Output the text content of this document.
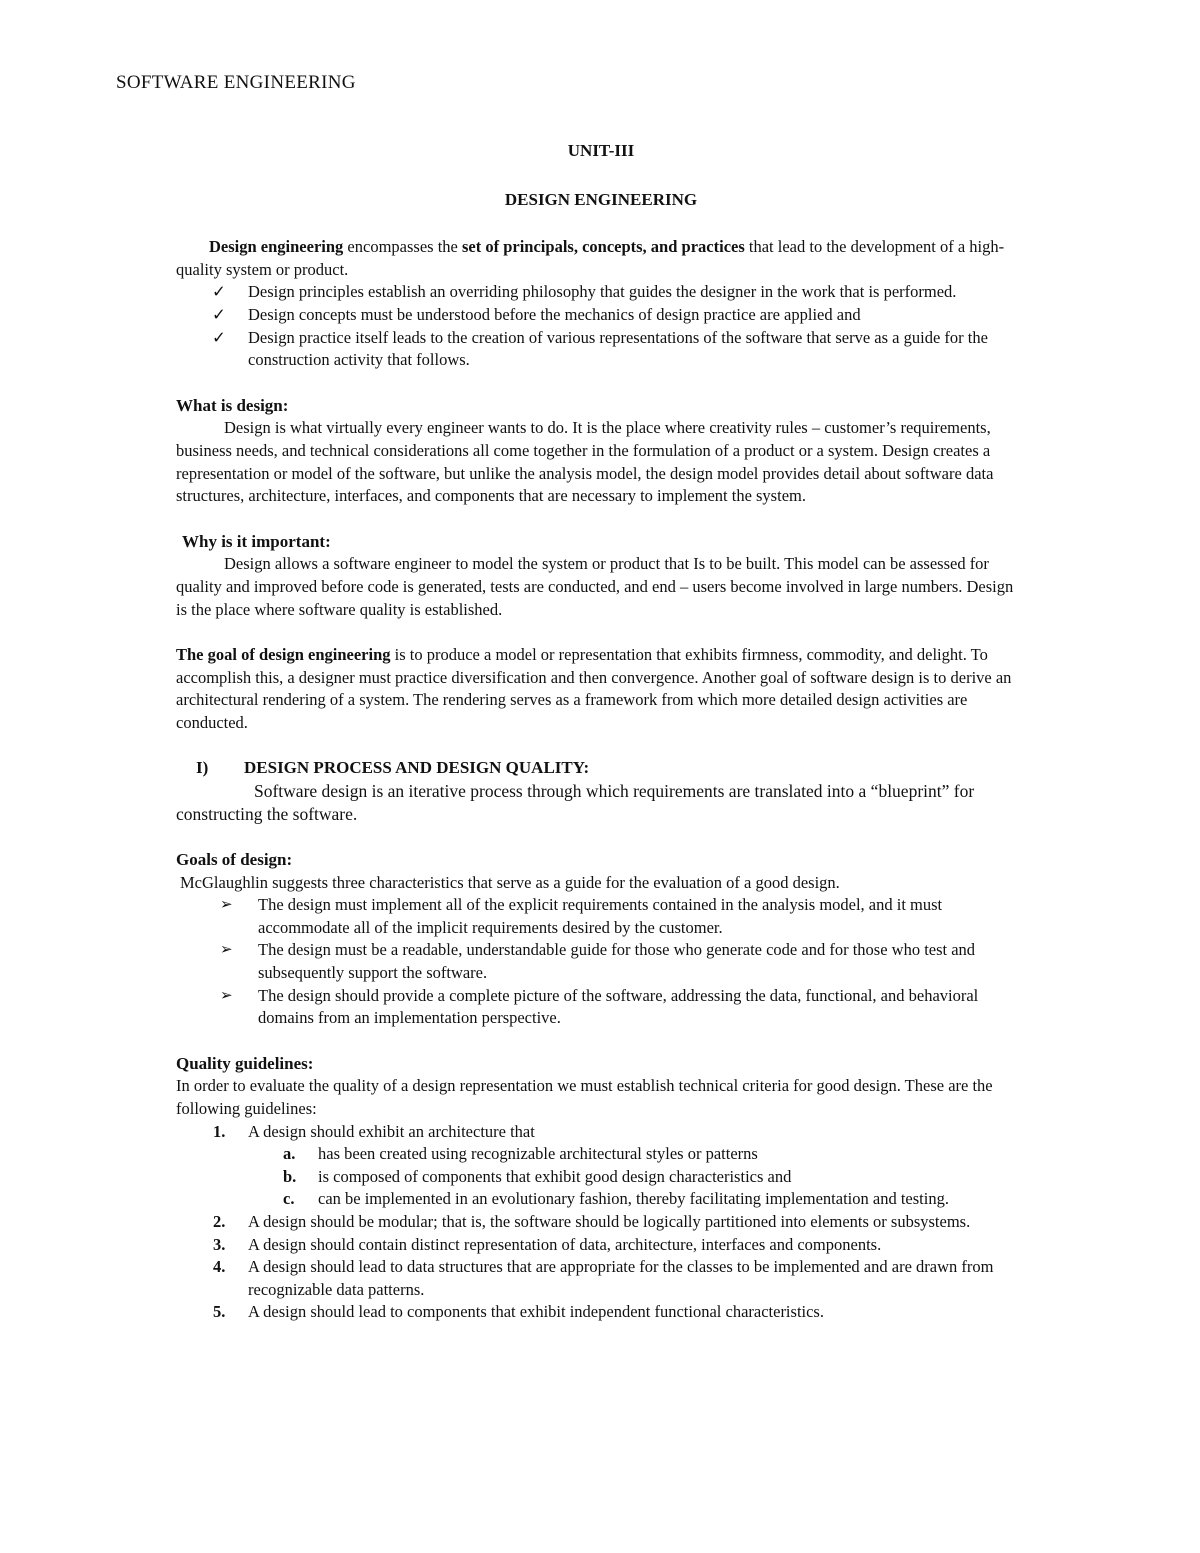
SOFTWARE ENGINEERING
UNIT-III
DESIGN ENGINEERING

Design engineering encompasses the set of principals, concepts, and practices that lead to the development of a high- quality system or product.

✓ Design principles establish an overriding philosophy that guides the designer in the work that is performed.
✓ Design concepts must be understood before the mechanics of design practice are applied and
✓ Design practice itself leads to the creation of various representations of the software that serve as a guide for the construction activity that follows.

What is design:

Design is what virtually every engineer wants to do. It is the place where creativity rules – customer’s requirements, business needs, and technical considerations all come together in the formulation of a product or a system. Design creates a representation or model of the software, but unlike the analysis model, the design model provides detail about software data structures, architecture, interfaces, and components that are necessary to implement the system.

Why is it important:

Design allows a software engineer to model the system or product that Is to be built. This model can be assessed for quality and improved before code is generated, tests are conducted, and end – users become involved in large numbers. Design is the place where software quality is established.

The goal of design engineering is to produce a model or representation that exhibits firmness, commodity, and delight. To accomplish this, a designer must practice diversification and then convergence. Another goal of software design is to derive an architectural rendering of a system. The rendering serves as a framework from which more detailed design activities are conducted.

I) DESIGN PROCESS AND DESIGN QUALITY:

Software design is an iterative process through which requirements are translated into a “blueprint” for constructing the software.

Goals of design:

McGlaughlin suggests three characteristics that serve as a guide for the evaluation of a good design.

➢ The design must implement all of the explicit requirements contained in the analysis model, and it must accommodate all of the implicit requirements desired by the customer.
➢ The design must be a readable, understandable guide for those who generate code and for those who test and subsequently support the software.
➢ The design should provide a complete picture of the software, addressing the data, functional, and behavioral domains from an implementation perspective.

Quality guidelines:

In order to evaluate the quality of a design representation we must establish technical criteria for good design. These are the following guidelines:

1. A design should exhibit an architecture that
a. has been created using recognizable architectural styles or patterns
b. is composed of components that exhibit good design characteristics and
c. can be implemented in an evolutionary fashion, thereby facilitating implementation and testing.
2. A design should be modular; that is, the software should be logically partitioned into elements or subsystems.
3. A design should contain distinct representation of data, architecture, interfaces and components.
4. A design should lead to data structures that are appropriate for the classes to be implemented and are drawn from recognizable data patterns.
5. A design should lead to components that exhibit independent functional characteristics.
